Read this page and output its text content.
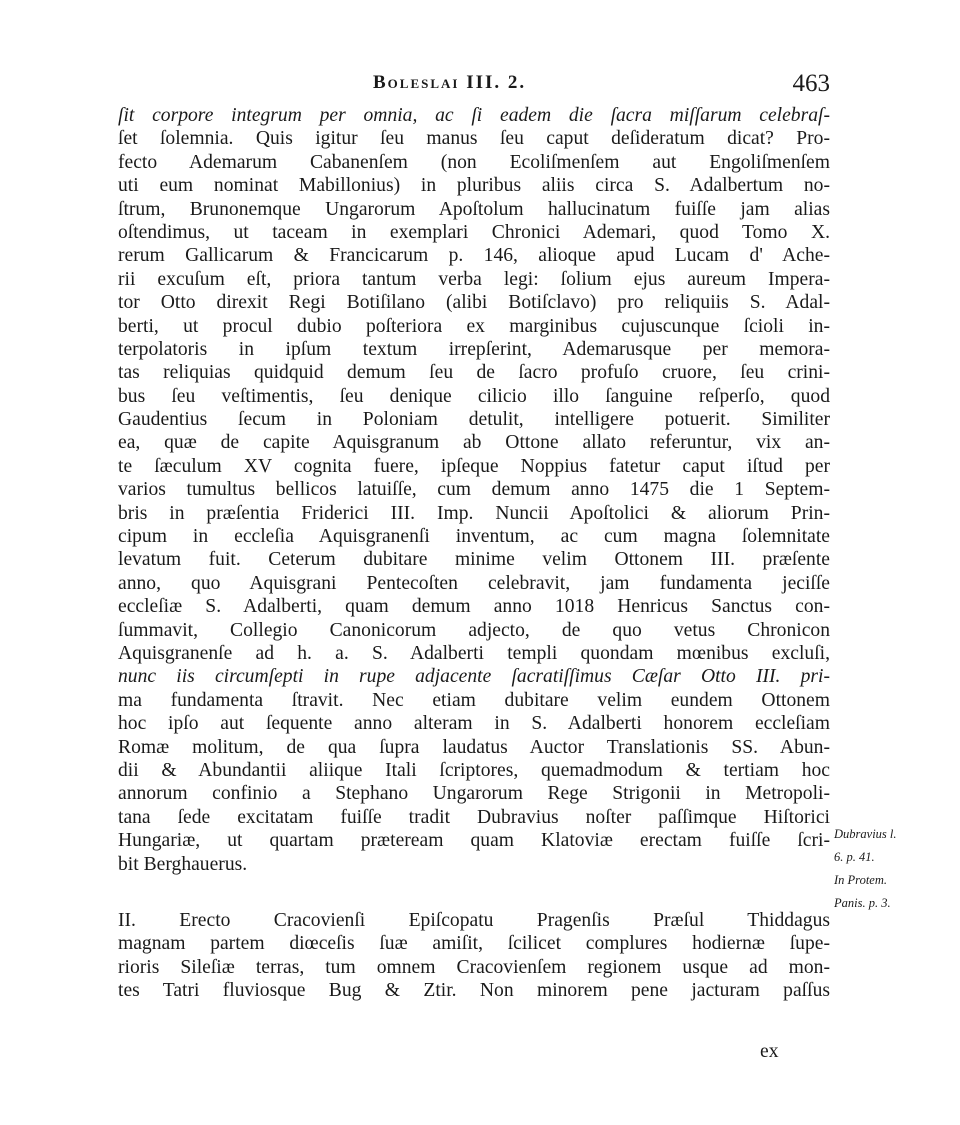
Boleslai III. 2.	463
ſit corpore integrum per omnia, ac ſi eadem die ſacra miſſarum celebraſ-
ſet ſolemnia. Quis igitur ſeu manus ſeu caput deſideratum dicat? Pro-
fecto Ademarum Cabanenſem (non Ecoliſmenſem aut Engoliſmenſem
uti eum nominat Mabillonius) in pluribus aliis circa S. Adalbertum no-
ſtrum, Brunonemque Ungarorum Apoſtolum hallucinatum fuiſſe jam alias
oſtendimus, ut taceam in exemplari Chronici Ademari, quod Tomo X.
rerum Gallicarum & Francicarum p. 146, alioque apud Lucam d' Ache-
rii excuſum eſt, priora tantum verba legi: ſolium ejus aureum Impera-
tor Otto direxit Regi Botiſilano (alibi Botiſclavo) pro reliquiis S. Adal-
berti, ut procul dubio poſteriora ex marginibus cujuscunque ſcioli in-
terpolatoris in ipſum textum irrepſerint, Ademarusque per memora-
tas reliquias quidquid demum ſeu de ſacro profuſo cruore, ſeu crini-
bus ſeu veſtimentis, ſeu denique cilicio illo ſanguine reſperſo, quod
Gaudentius ſecum in Poloniam detulit, intelligere potuerit. Similiter
ea, quæ de capite Aquisgranum ab Ottone allato referuntur, vix an-
te ſæculum XV cognita fuere, ipſeque Noppius fatetur caput iſtud per
varios tumultus bellicos latuiſſe, cum demum anno 1475 die 1 Septem-
bris in præſentia Friderici III. Imp. Nuncii Apoſtolici & aliorum Prin-
cipum in eccleſia Aquisgranenſi inventum, ac cum magna ſolemnitate
levatum fuit. Ceterum dubitare minime velim Ottonem III. præſente
anno, quo Aquisgrani Pentecoſten celebravit, jam fundamenta jeciſſe
eccleſiæ S. Adalberti, quam demum anno 1018 Henricus Sanctus con-
ſummavit, Collegio Canonicorum adjecto, de quo vetus Chronicon
Aquisgranenſe ad h. a. S. Adalberti templi quondam mœnibus excluſi,
nunc iis circumſepti in rupe adjacente ſacratiſſimus Cæſar Otto III. pri-
ma fundamenta ſtravit. Nec etiam dubitare velim eundem Ottonem
hoc ipſo aut ſequente anno alteram in S. Adalberti honorem eccleſiam
Romæ molitum, de qua ſupra laudatus Auctor Translationis SS. Abun-
dii & Abundantii aliique Itali ſcriptores, quemadmodum & tertiam hoc
annorum confinio a Stephano Ungarorum Rege Strigonii in Metropoli-
tana ſede excitatam fuiſſe tradit Dubravius noſter paſſimque Hiſtorici
Hungariæ, ut quartam præteream quam Klatoviæ erectam fuiſſe ſcri-
bit Berghauerus.
II. Erecto Cracovienſi Epiſcopatu Pragenſis Præſul Thiddagus
magnam partem diœceſis ſuæ amiſit, ſcilicet complures hodiernæ ſupe-
rioris Sileſiæ terras, tum omnem Cracovienſem regionem usque ad mon-
tes Tatri fluviosque Bug & Ztir. Non minorem pene jacturam paſſus
ex
Dubravius l.
6. p. 41.
In Protem.
Panis. p. 3.
